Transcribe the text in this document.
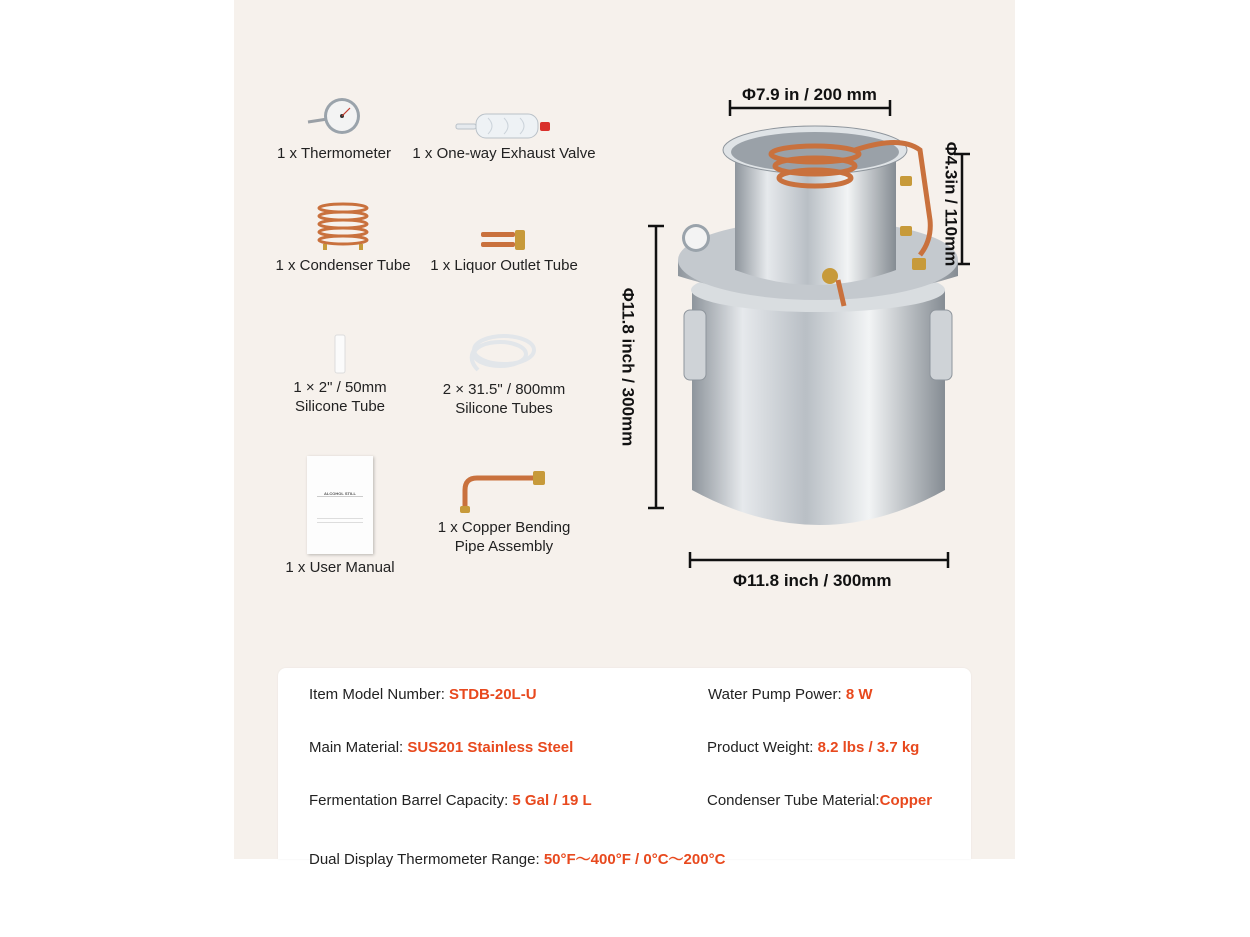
1 x Thermometer 1 x One-way Exhaust Valve
1 x Condenser Tube 1 x Liquor Outlet Tube
1 × 2" / 50mm
Silicone Tube
2 × 31.5" / 800mm
Silicone Tubes
ALCOHOL STILL
1 x User Manual
1 x Copper Bending
Pipe Assembly
Φ7.9 in / 200 mm
Φ4.3in / 110mm
Φ11.8 inch / 300mm
Φ11.8 inch / 300mm
Item Model Number: STDB-20L-U	Water Pump Power: 8 W
Main Material: SUS201 Stainless Steel	Product Weight: 8.2 lbs / 3.7 kg
Fermentation Barrel Capacity: 5 Gal / 19 L	Condenser Tube Material:Copper
Dual Display Thermometer Range: 50°F～400°F / 0°C～200°C
